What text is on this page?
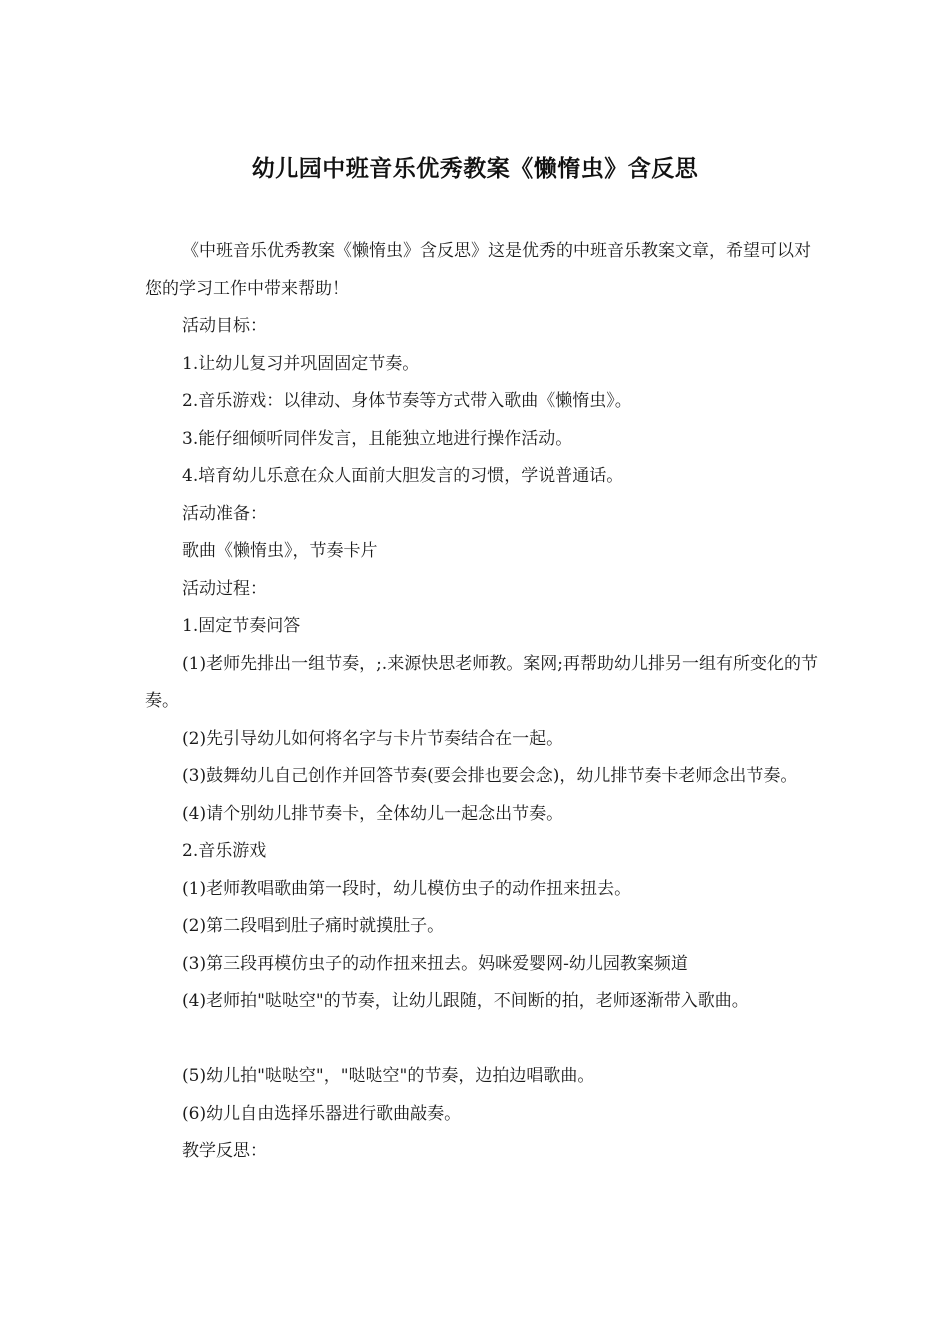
幼儿园中班音乐优秀教案《懒惰虫》含反思

《中班音乐优秀教案《懒惰虫》含反思》这是优秀的中班音乐教案文章，希望可以对您的学习工作中带来帮助！

活动目标：

1.让幼儿复习并巩固固定节奏。

2.音乐游戏：以律动、身体节奏等方式带入歌曲《懒惰虫》。

3.能仔细倾听同伴发言，且能独立地进行操作活动。

4.培育幼儿乐意在众人面前大胆发言的习惯，学说普通话。

活动准备：

歌曲《懒惰虫》，节奏卡片

活动过程：

1.固定节奏问答

(1)老师先排出一组节奏，;.来源快思老师教。案网;再帮助幼儿排另一组有所变化的节奏。

(2)先引导幼儿如何将名字与卡片节奏结合在一起。

(3)鼓舞幼儿自己创作并回答节奏(要会排也要会念)，幼儿排节奏卡老师念出节奏。

(4)请个别幼儿排节奏卡，全体幼儿一起念出节奏。

2.音乐游戏

(1)老师教唱歌曲第一段时，幼儿模仿虫子的动作扭来扭去。

(2)第二段唱到肚子痛时就摸肚子。

(3)第三段再模仿虫子的动作扭来扭去。妈咪爱婴网-幼儿园教案频道

(4)老师拍"哒哒空"的节奏，让幼儿跟随，不间断的拍，老师逐渐带入歌曲。

(5)幼儿拍"哒哒空"，"哒哒空"的节奏，边拍边唱歌曲。

(6)幼儿自由选择乐器进行歌曲敲奏。

教学反思：
